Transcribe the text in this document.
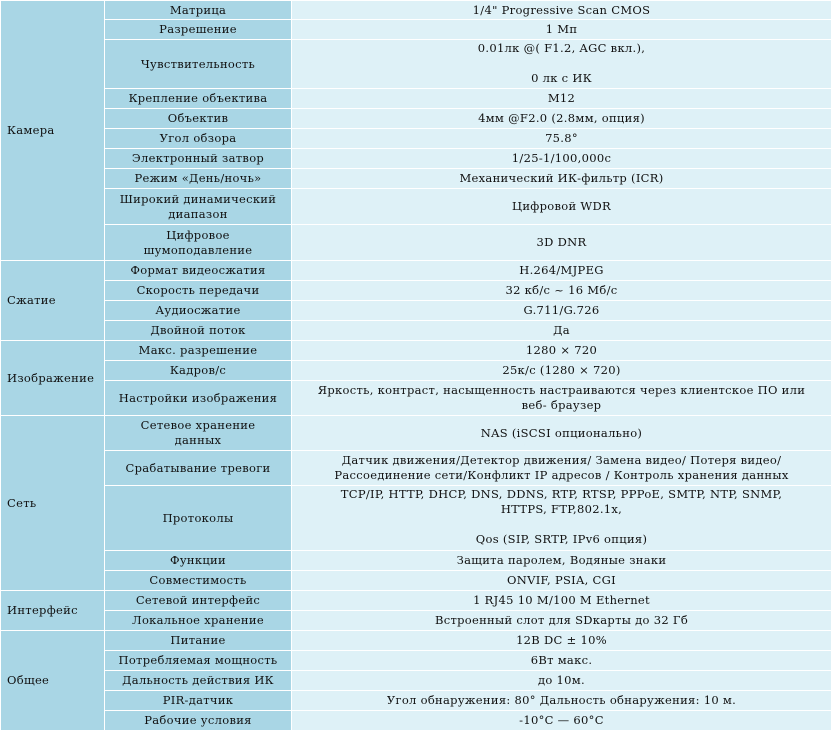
Камера	Матрица	1/4" Progressive Scan CMOS
	Разрешение	1 Мп
	Чувствительность	0.01лк @( F1.2, AGC вкл.),

0 лк с ИК
	Крепление объектива	M12
	Объектив	4мм @F2.0 (2.8мм, опция)
	Угол обзора	75.8°
	Электронный затвор	1/25-1/100,000с
	Режим «День/ночь»	Механический ИК-фильтр (ICR)
	Широкий динамический
диапазон	Цифровой WDR
	Цифровое
шумоподавление	3D DNR
Сжатие	Формат видеосжатия	H.264/MJPEG
	Скорость передачи	32 кб/с ~ 16 Мб/с
	Аудиосжатие	G.711/G.726
	Двойной поток	Да
Изображение	Макс. разрешение	1280 × 720
	Кадров/с	25к/с (1280 × 720)
	Настройки изображения	Яркость, контраст, насыщенность настраиваются через клиентское ПО или
веб- браузер
Сеть	Сетевое хранение
данных	NAS (iSCSI опционально)
	Срабатывание тревоги	Датчик движения/Детектор движения/ Замена видео/ Потеря видео/
Рассоединение сети/Конфликт IP адресов / Контроль хранения данных
	Протоколы	TCP/IP, HTTP, DHCP, DNS, DDNS, RTP, RTSP, PPPoE, SMTP, NTP, SNMP,
HTTPS, FTP,802.1x,

Qos (SIP, SRTP, IPv6 опция)
	Функции	Защита паролем, Водяные знаки
	Совместимость	ONVIF, PSIA, CGI
Интерфейс	Сетевой интерфейс	1 RJ45 10 M/100 M Ethernet
	Локальное хранение	Встроенный слот для SDкарты до 32 Гб
Общее	Питание	12В DC ± 10%
	Потребляемая мощность	6Вт макс.
	Дальность действия ИК	до 10м.
	PIR-датчик	Угол обнаружения: 80° Дальность обнаружения: 10 м.
	Рабочие условия	-10°C — 60°C
